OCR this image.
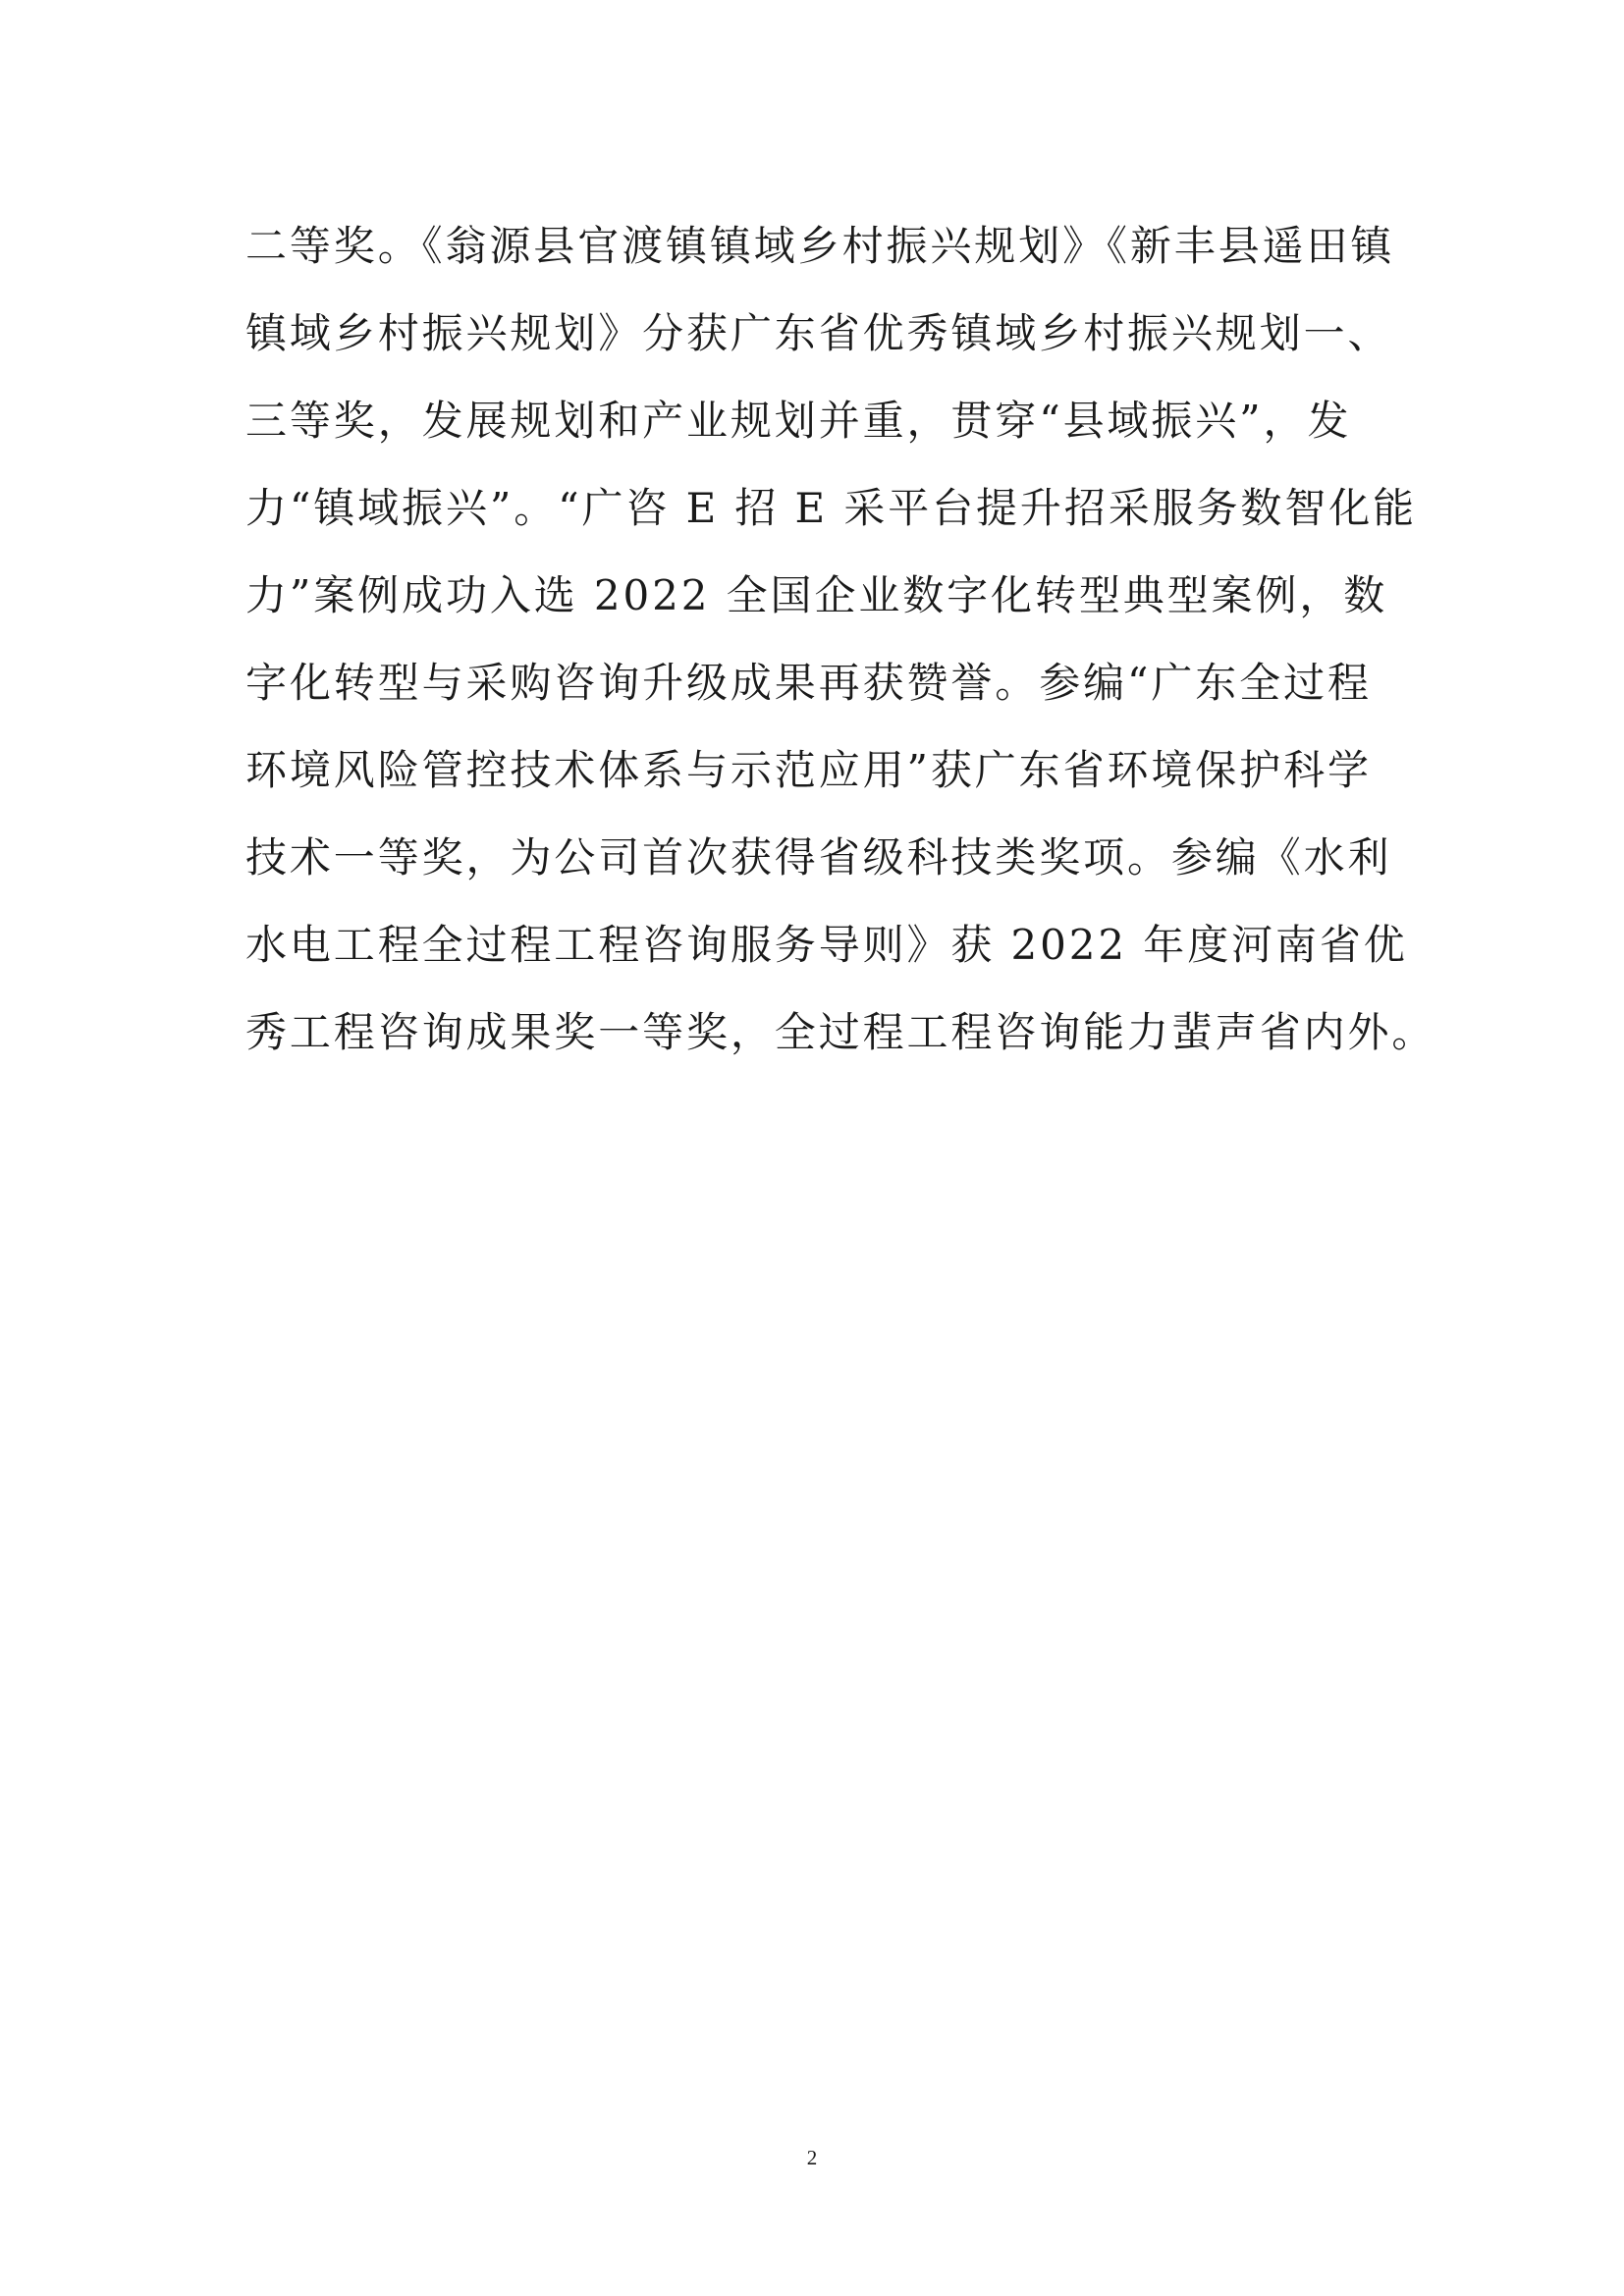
二等奖。《翁源县官渡镇镇域乡村振兴规划》《新丰县遥田镇
镇域乡村振兴规划》分获广东省优秀镇域乡村振兴规划一、
三等奖，发展规划和产业规划并重，贯穿“县域振兴”，发
力“镇域振兴”。“广咨 E 招 E 采平台提升招采服务数智化能
力”案例成功入选 2022 全国企业数字化转型典型案例，数
字化转型与采购咨询升级成果再获赞誉。参编“广东全过程
环境风险管控技术体系与示范应用”获广东省环境保护科学
技术一等奖，为公司首次获得省级科技类奖项。参编《水利
水电工程全过程工程咨询服务导则》获 2022 年度河南省优
秀工程咨询成果奖一等奖，全过程工程咨询能力蜚声省内外。
2
